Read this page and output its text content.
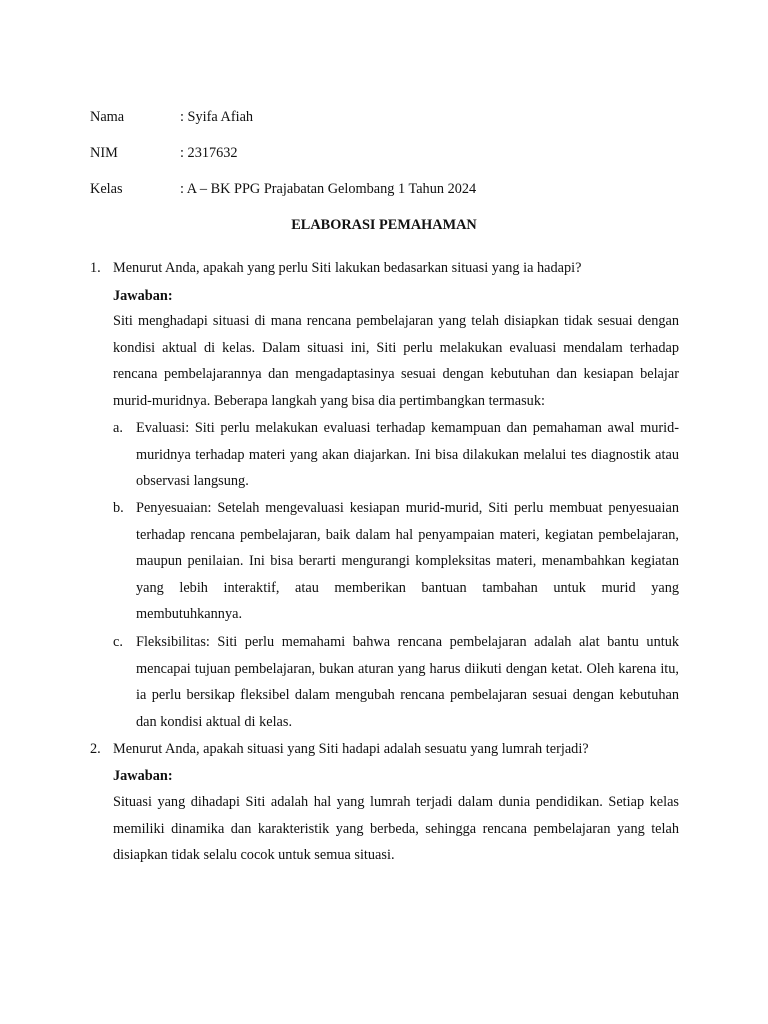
Nama	: Syifa Afiah
NIM	: 2317632
Kelas	: A – BK PPG Prajabatan Gelombang 1 Tahun 2024
ELABORASI PEMAHAMAN
1. Menurut Anda, apakah yang perlu Siti lakukan bedasarkan situasi yang ia hadapi?
Jawaban:

Siti menghadapi situasi di mana rencana pembelajaran yang telah disiapkan tidak sesuai dengan kondisi aktual di kelas. Dalam situasi ini, Siti perlu melakukan evaluasi mendalam terhadap rencana pembelajarannya dan mengadaptasinya sesuai dengan kebutuhan dan kesiapan belajar murid-muridnya. Beberapa langkah yang bisa dia pertimbangkan termasuk:

a. Evaluasi: Siti perlu melakukan evaluasi terhadap kemampuan dan pemahaman awal murid-muridnya terhadap materi yang akan diajarkan. Ini bisa dilakukan melalui tes diagnostik atau observasi langsung.

b. Penyesuaian: Setelah mengevaluasi kesiapan murid-murid, Siti perlu membuat penyesuaian terhadap rencana pembelajaran, baik dalam hal penyampaian materi, kegiatan pembelajaran, maupun penilaian. Ini bisa berarti mengurangi kompleksitas materi, menambahkan kegiatan yang lebih interaktif, atau memberikan bantuan tambahan untuk murid yang membutuhkannya.

c. Fleksibilitas: Siti perlu memahami bahwa rencana pembelajaran adalah alat bantu untuk mencapai tujuan pembelajaran, bukan aturan yang harus diikuti dengan ketat. Oleh karena itu, ia perlu bersikap fleksibel dalam mengubah rencana pembelajaran sesuai dengan kebutuhan dan kondisi aktual di kelas.

2. Menurut Anda, apakah situasi yang Siti hadapi adalah sesuatu yang lumrah terjadi?
Jawaban:

Situasi yang dihadapi Siti adalah hal yang lumrah terjadi dalam dunia pendidikan. Setiap kelas memiliki dinamika dan karakteristik yang berbeda, sehingga rencana pembelajaran yang telah disiapkan tidak selalu cocok untuk semua situasi.
